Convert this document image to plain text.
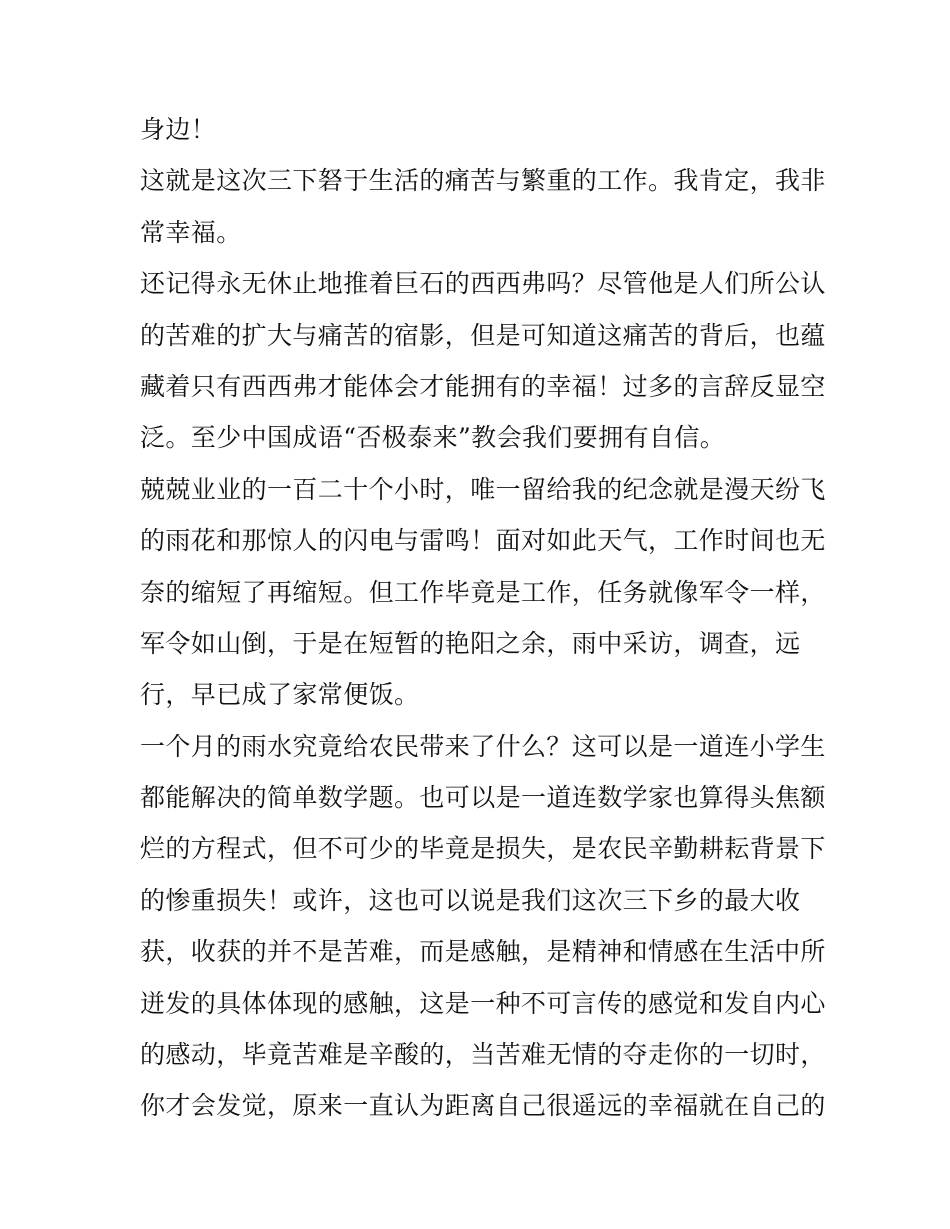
身边！
这就是这次三下砮于生活的痛苦与繁重的工作。我肯定，我非
常幸福。
还记得永无休止地推着巨石的西西弗吗？尽管他是人们所公认
的苦难的扩大与痛苦的宿影，但是可知道这痛苦的背后，也蕴
藏着只有西西弗才能体会才能拥有的幸福！过多的言辞反显空
泛。至少中国成语“否极泰来”教会我们要拥有自信。
兢兢业业的一百二十个小时，唯一留给我的纪念就是漫天纷飞
的雨花和那惊人的闪电与雷鸣！面对如此天气，工作时间也无
奈的缩短了再缩短。但工作毕竟是工作，任务就像军令一样，
军令如山倒，于是在短暂的艳阳之余，雨中采访，调查，远
行，早已成了家常便饭。
一个月的雨水究竟给农民带来了什么？这可以是一道连小学生
都能解决的简单数学题。也可以是一道连数学家也算得头焦额
烂的方程式，但不可少的毕竟是损失，是农民辛勤耕耘背景下
的惨重损失！或许，这也可以说是我们这次三下乡的最大收
获，收获的并不是苦难，而是感触，是精神和情感在生活中所
迸发的具体体现的感触，这是一种不可言传的感觉和发自内心
的感动，毕竟苦难是辛酸的，当苦难无情的夺走你的一切时，
你才会发觉，原来一直认为距离自己很遥远的幸福就在自己的
